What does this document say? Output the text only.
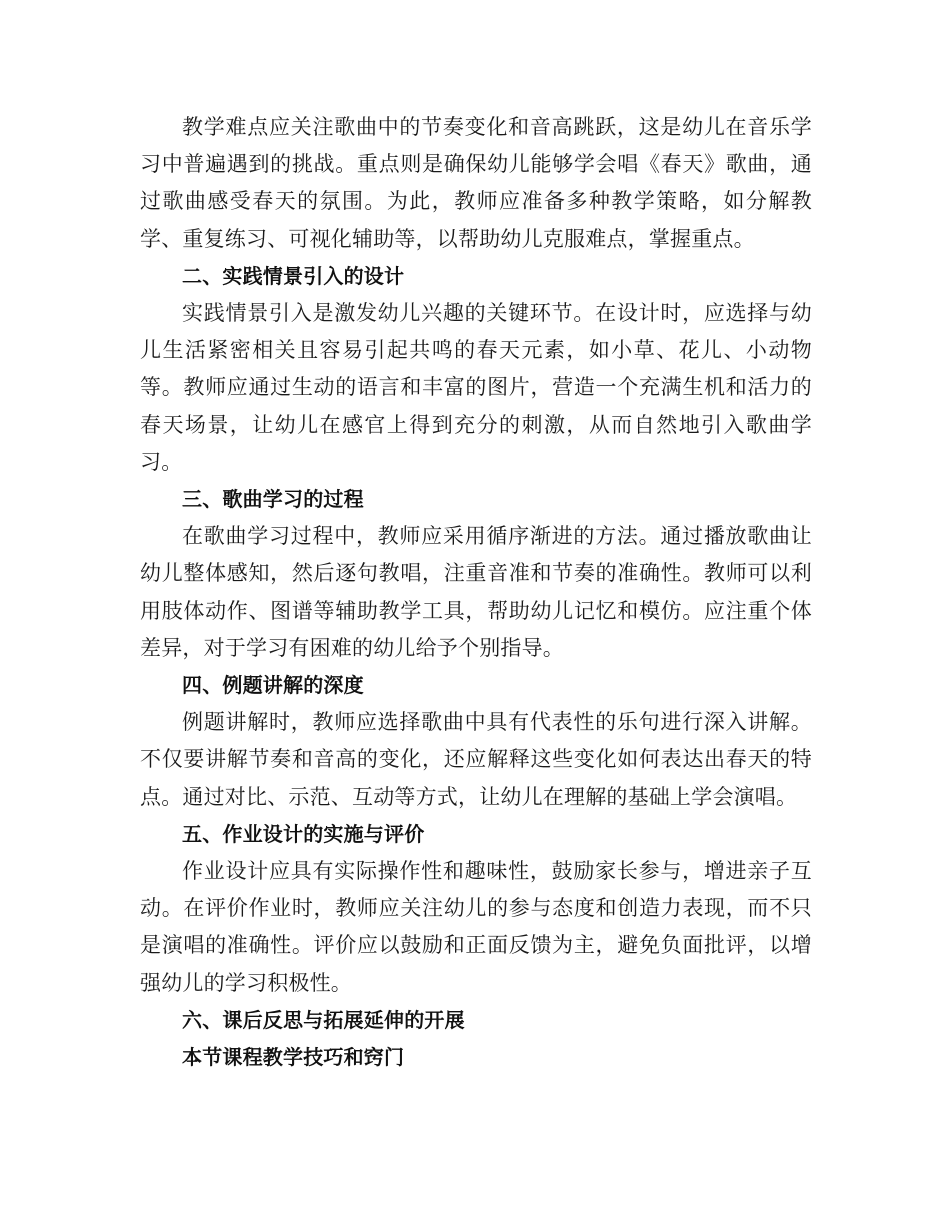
教学难点应关注歌曲中的节奏变化和音高跳跃，这是幼儿在音乐学习中普遍遇到的挑战。重点则是确保幼儿能够学会唱《春天》歌曲，通过歌曲感受春天的氛围。为此，教师应准备多种教学策略，如分解教学、重复练习、可视化辅助等，以帮助幼儿克服难点，掌握重点。

二、实践情景引入的设计

实践情景引入是激发幼儿兴趣的关键环节。在设计时，应选择与幼儿生活紧密相关且容易引起共鸣的春天元素，如小草、花儿、小动物等。教师应通过生动的语言和丰富的图片，营造一个充满生机和活力的春天场景，让幼儿在感官上得到充分的刺激，从而自然地引入歌曲学习。

三、歌曲学习的过程

在歌曲学习过程中，教师应采用循序渐进的方法。通过播放歌曲让幼儿整体感知，然后逐句教唱，注重音准和节奏的准确性。教师可以利用肢体动作、图谱等辅助教学工具，帮助幼儿记忆和模仿。应注重个体差异，对于学习有困难的幼儿给予个别指导。

四、例题讲解的深度

例题讲解时，教师应选择歌曲中具有代表性的乐句进行深入讲解。不仅要讲解节奏和音高的变化，还应解释这些变化如何表达出春天的特点。通过对比、示范、互动等方式，让幼儿在理解的基础上学会演唱。

五、作业设计的实施与评价

作业设计应具有实际操作性和趣味性，鼓励家长参与，增进亲子互动。在评价作业时，教师应关注幼儿的参与态度和创造力表现，而不只是演唱的准确性。评价应以鼓励和正面反馈为主，避免负面批评，以增强幼儿的学习积极性。

六、课后反思与拓展延伸的开展

本节课程教学技巧和窍门
